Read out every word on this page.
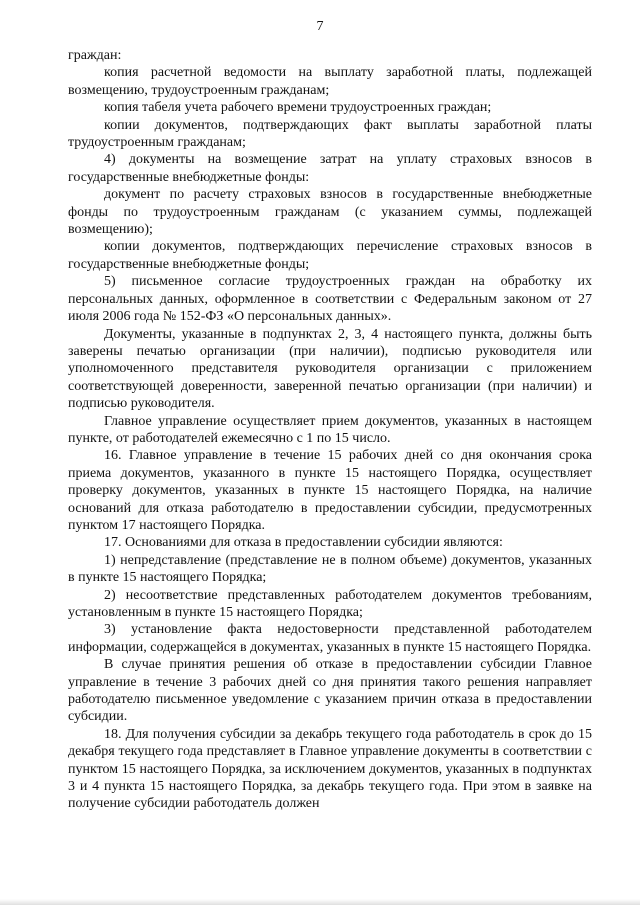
7

граждан:

копия расчетной ведомости на выплату заработной платы, подлежащей возмещению, трудоустроенным гражданам;

копия табеля учета рабочего времени трудоустроенных граждан;

копии документов, подтверждающих факт выплаты заработной платы трудоустроенным гражданам;

4) документы на возмещение затрат на уплату страховых взносов в государственные внебюджетные фонды:

документ по расчету страховых взносов в государственные внебюджетные фонды по трудоустроенным гражданам (с указанием суммы, подлежащей возмещению);

копии документов, подтверждающих перечисление страховых взносов в государственные внебюджетные фонды;

5) письменное согласие трудоустроенных граждан на обработку их персональных данных, оформленное в соответствии с Федеральным законом от 27 июля 2006 года № 152-ФЗ «О персональных данных».

Документы, указанные в подпунктах 2, 3, 4 настоящего пункта, должны быть заверены печатью организации (при наличии), подписью руководителя или уполномоченного представителя руководителя организации с приложением соответствующей доверенности, заверенной печатью организации (при наличии) и подписью руководителя.

Главное управление осуществляет прием документов, указанных в настоящем пункте, от работодателей ежемесячно с 1 по 15 число.

16. Главное управление в течение 15 рабочих дней со дня окончания срока приема документов, указанного в пункте 15 настоящего Порядка, осуществляет проверку документов, указанных в пункте 15 настоящего Порядка, на наличие оснований для отказа работодателю в предоставлении субсидии, предусмотренных пунктом 17 настоящего Порядка.

17. Основаниями для отказа в предоставлении субсидии являются:

1) непредставление (представление не в полном объеме) документов, указанных в пункте 15 настоящего Порядка;

2) несоответствие представленных работодателем документов требованиям, установленным в пункте 15 настоящего Порядка;

3) установление факта недостоверности представленной работодателем информации, содержащейся в документах, указанных в пункте 15 настоящего Порядка.

В случае принятия решения об отказе в предоставлении субсидии Главное управление в течение 3 рабочих дней со дня принятия такого решения направляет работодателю письменное уведомление с указанием причин отказа в предоставлении субсидии.

18. Для получения субсидии за декабрь текущего года работодатель в срок до 15 декабря текущего года представляет в Главное управление документы в соответствии с пунктом 15 настоящего Порядка, за исключением документов, указанных в подпунктах 3 и 4 пункта 15 настоящего Порядка, за декабрь текущего года. При этом в заявке на получение субсидии работодатель должен
